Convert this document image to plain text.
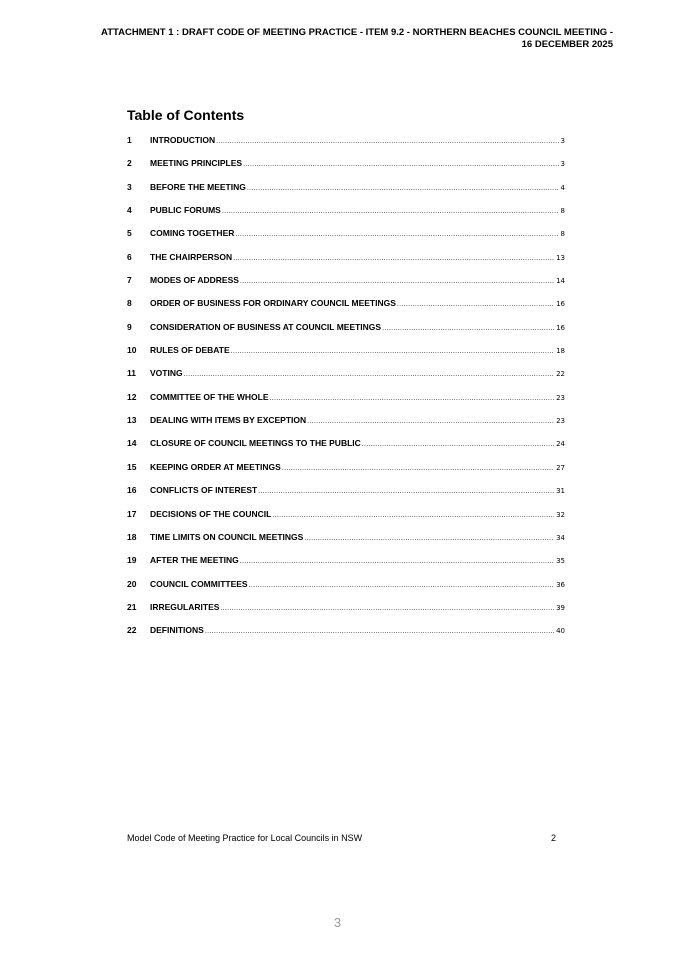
ATTACHMENT 1 : DRAFT CODE OF MEETING PRACTICE - ITEM 9.2 - NORTHERN BEACHES COUNCIL MEETING -
16 DECEMBER 2025
Table of Contents
1	INTRODUCTION .....	3
2	MEETING PRINCIPLES .....	3
3	BEFORE THE MEETING .....	4
4	PUBLIC FORUMS .....	8
5	COMING TOGETHER .....	8
6	THE CHAIRPERSON .....	13
7	MODES OF ADDRESS .....	14
8	ORDER OF BUSINESS FOR ORDINARY COUNCIL MEETINGS .....	16
9	CONSIDERATION OF BUSINESS AT COUNCIL MEETINGS .....	16
10	RULES OF DEBATE .....	18
11	VOTING .....	22
12	COMMITTEE OF THE WHOLE .....	23
13	DEALING WITH ITEMS BY EXCEPTION .....	23
14	CLOSURE OF COUNCIL MEETINGS TO THE PUBLIC .....	24
15	KEEPING ORDER AT MEETINGS .....	27
16	CONFLICTS OF INTEREST .....	31
17	DECISIONS OF THE COUNCIL .....	32
18	TIME LIMITS ON COUNCIL MEETINGS .....	34
19	AFTER THE MEETING .....	35
20	COUNCIL COMMITTEES .....	36
21	IRREGULARITES .....	39
22	DEFINITIONS .....	40
Model Code of Meeting Practice for Local Councils in NSW	2
3
